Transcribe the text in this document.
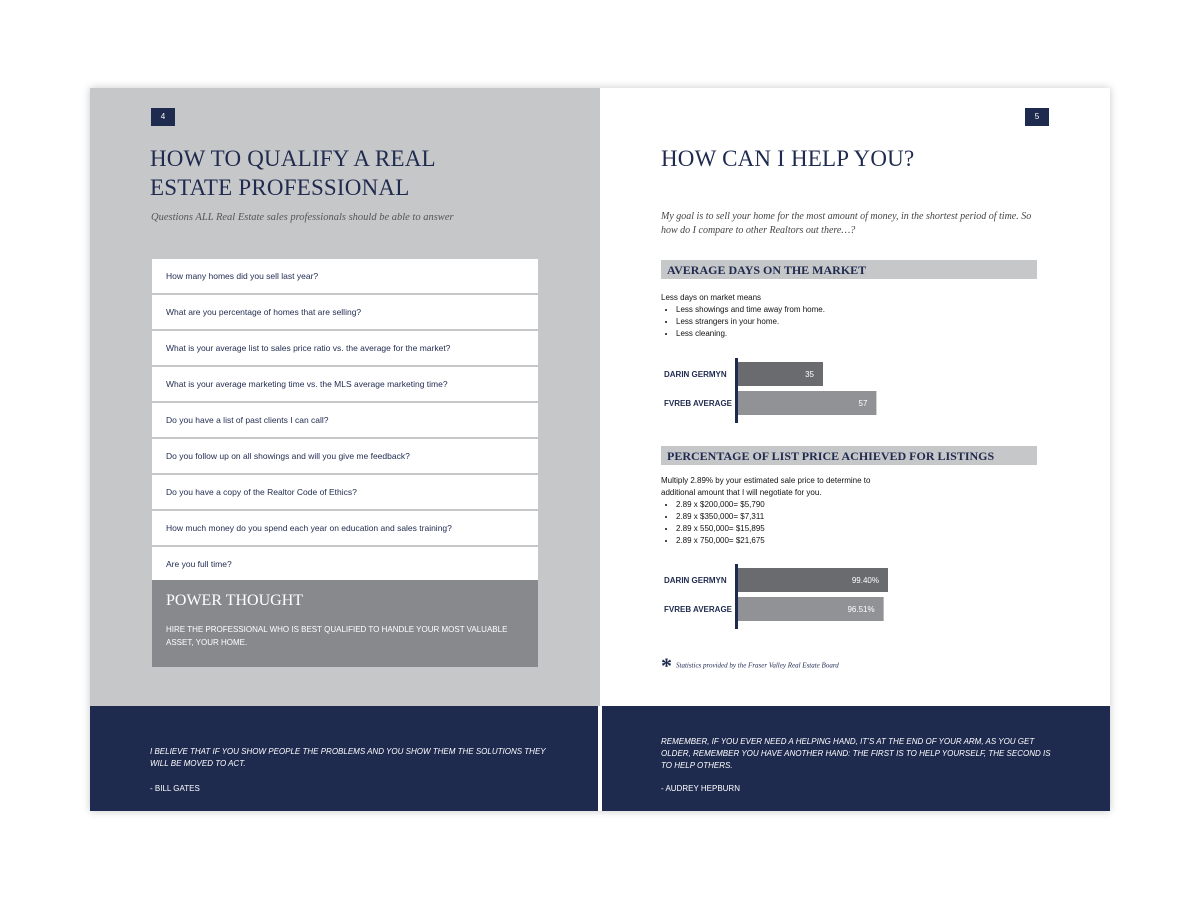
4
HOW TO QUALIFY A REAL
ESTATE PROFESSIONAL
Questions ALL Real Estate sales professionals should be able to answer
How many homes did you sell last year?
What are you percentage of homes that are selling?
What is your average list to sales price ratio vs. the average for the market?
What is your average marketing time vs. the MLS average marketing time?
Do you have a list of past clients I can call?
Do you follow up on all showings and will you give me feedback?
Do you have a copy of the Realtor Code of Ethics?
How much money do you spend each year on education and sales training?
Are you full time?
POWER THOUGHT
HIRE THE PROFESSIONAL WHO IS BEST QUALIFIED TO HANDLE YOUR MOST VALUABLE ASSET, YOUR HOME.
5
HOW CAN I HELP YOU?
My goal is to sell your home for the most amount of money, in the shortest period of time. So how do I compare to other Realtors out there…?
AVERAGE DAYS ON THE MARKET
Less days on market means
• Less showings and time away from home.
• Less strangers in your home.
• Less cleaning.
DARIN GERMYN	35
FVREB AVERAGE	57
PERCENTAGE OF LIST PRICE ACHIEVED FOR LISTINGS
Multiply 2.89% by your estimated sale price to determine to
additional amount that I will negotiate for you.
• 2.89 x $200,000= $5,790
• 2.89 x $350,000= $7,311
• 2.89 x 550,000= $15,895
• 2.89 x 750,000= $21,675
DARIN GERMYN	99.40%
FVREB AVERAGE	96.51%
* Statistics provided by the Fraser Valley Real Estate Board
I BELIEVE THAT IF YOU SHOW PEOPLE THE PROBLEMS AND YOU SHOW THEM THE SOLUTIONS THEY WILL BE MOVED TO ACT.
- BILL GATES
REMEMBER, IF YOU EVER NEED A HELPING HAND, IT’S AT THE END OF YOUR ARM, AS YOU GET OLDER, REMEMBER YOU HAVE ANOTHER HAND: THE FIRST IS TO HELP YOURSELF, THE SECOND IS TO HELP OTHERS.
- AUDREY HEPBURN
